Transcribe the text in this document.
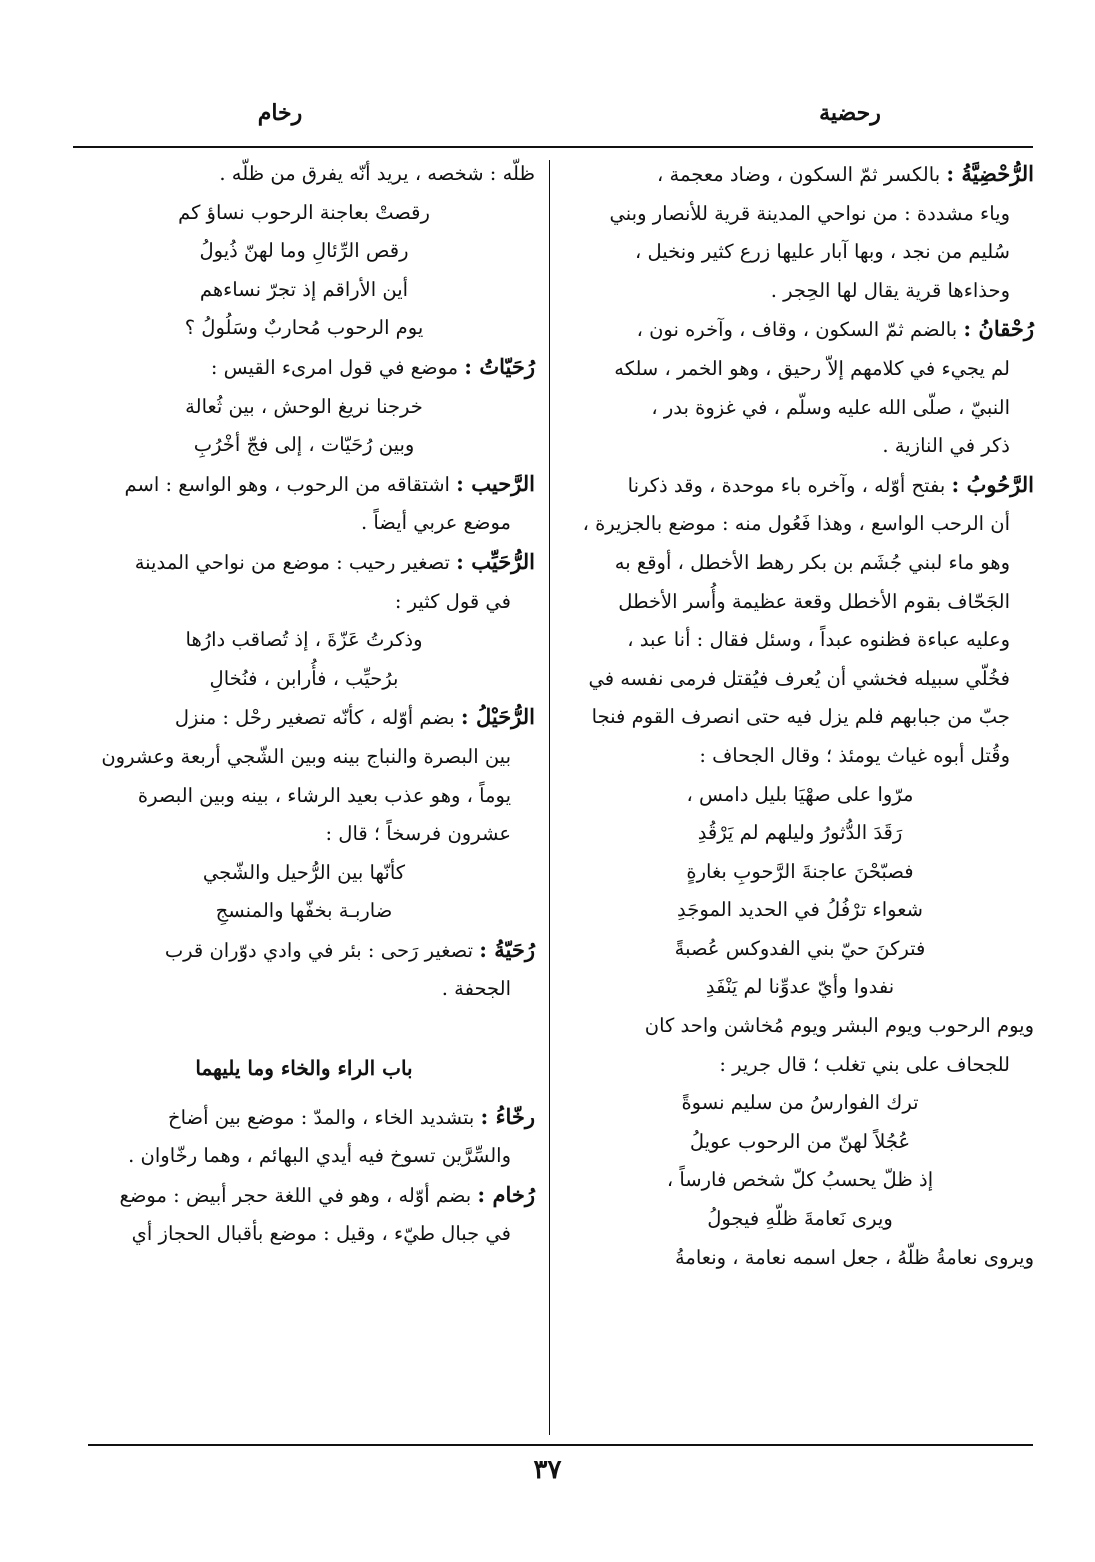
رحضية
رخام

الرُّحْضِيَّةُ : بالكسر ثمّ السكون ، وضاد معجمة ،

وياء مشددة : من نواحي المدينة قرية للأنصار وبني

سُليم من نجد ، وبها آبار عليها زرع كثير ونخيل ،

وحذاءها قرية يقال لها الحِجر .

رُحْقانُ : بالضم ثمّ السكون ، وقاف ، وآخره نون ،

لم يجيء في كلامهم إلاّ رحيق ، وهو الخمر ، سلكه

النبيّ ، صلّى الله عليه وسلّم ، في غزوة بدر ،

ذكر في النازية .

الرَّحُوبُ : بفتح أوّله ، وآخره باء موحدة ، وقد ذكرنا

أن الرحب الواسع ، وهذا فَعُول منه : موضع بالجزيرة ،

وهو ماء لبني جُشَم بن بكر رهط الأخطل ، أوقع به

الجَحّاف بقوم الأخطل وقعة عظيمة وأُسر الأخطل

وعليه عباءة فظنوه عبداً ، وسئل فقال : أنا عبد ،

فخُلّي سبيله فخشي أن يُعرف فيُقتل فرمى نفسه في

جبّ من جبابهم فلم يزل فيه حتى انصرف القوم فنجا

وقُتل أبوه غياث يومئذ ؛ وقال الجحاف :

مرّوا على صهْيَا بليل دامس ،
رَقَدَ الدُّثورُ وليلهم لم يَرْقُدِ
فصبّحْنَ عاجنةَ الرَّحوبِ بغارةٍ
شعواء ترْفُلُ في الحديد الموجَدِ
فتركنَ حيّ بني الفدوكس عُصبةً
نفدوا وأيّ عدوِّنا لم يَنْفَدِ

ويوم الرحوب ويوم البشر ويوم مُخاشن واحد كان

للجحاف على بني تغلب ؛ قال جرير :

ترك الفوارسُ من سليم نسوةً
عُجُلاً لهنّ من الرحوب عويلُ
إذ ظلّ يحسبُ كلّ شخص فارساً ،
ويرى نَعامةَ ظلّهِ فيجولُ

ويروى نعامةُ ظلّهُ ، جعل اسمه نعامة ، ونعامةُ

ظلّه : شخصه ، يريد أنّه يفرق من ظلّه .

رقصتْ بعاجنة الرحوب نساؤ كم
رقص الرِّئالِ وما لهنّ ذُيولُ
أين الأراقم إذ تجرّ نساءهم
يوم الرحوب مُحاربٌ وسَلُولُ ؟

رُحَيّاتُ : موضع في قول امرىء القيس :

خرجنا نريغ الوحش ، بين ثُعالة
وبين رُحَيّات ، إلى فجّ أخْرُبِ

الرَّحيب : اشتقاقه من الرحوب ، وهو الواسع : اسم

موضع عربي أيضاً .

الرُّحَيِّب : تصغير رحيب : موضع من نواحي المدينة

في قول كثير :

وذكرتُ عَزّةَ ، إذ تُصاقب دارُها
برُحيِّب ، فأُرابن ، فنُخالِ

الرُّحَيْلُ : بضم أوّله ، كأنّه تصغير رحْل : منزل

بين البصرة والنباج بينه وبين الشّجي أربعة وعشرون

يوماً ، وهو عذب بعيد الرشاء ، بينه وبين البصرة

عشرون فرسخاً ؛ قال :

كأنّها بين الرُّحيل والشّجي
ضاربـة بخفّها والمنسجِ

رُحَيّةُ : تصغير رَحى : بئر في وادي دوّران قرب

الجحفة .

باب الراء والخاء وما يليهما

رخّاءُ : بتشديد الخاء ، والمدّ : موضع بين أضاخ

والسِّرَّين تسوخ فيه أيدي البهائم ، وهما رخّاوان .

رُخام : بضم أوّله ، وهو في اللغة حجر أبيض : موضع

في جبال طيّء ، وقيل : موضع بأقبال الحجاز أي

٣٧
